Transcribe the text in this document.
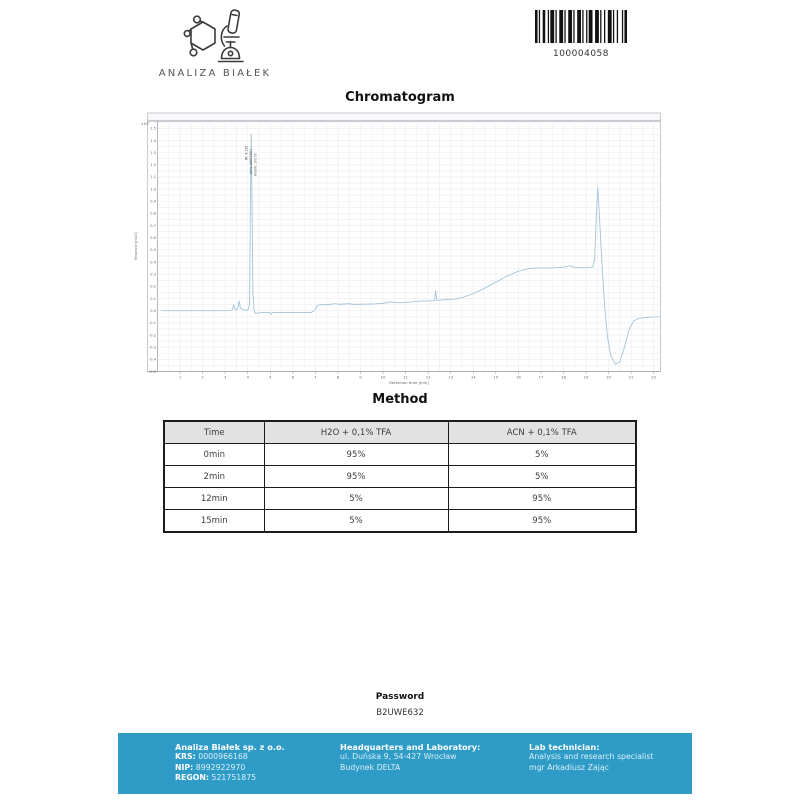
ANALIZA BIAŁEK
100004058
Chromatogram
1.5
1.4
1.3
1.2
1.1
1.0
0.9
0.8
0.7
0.6
0.5
0.4
0.3
0.2
0.1
0.0
-0.1
-0.2
-0.3
-0.4
-0.5
x10²
1	2	3	4	5	6	7	8	9	10	11	12	13	14	15	16	17	18	19	20	21	22
Retention time [min]
Response [mAU]
RT: 4.156 Area: 6682088.1 Area%: 100.00
Method
Time	H2O + 0,1% TFA	ACN + 0,1% TFA
0min	95%	5%
2min	95%	5%
12min	5%	95%
15min	5%	95%
Password
B2UWE632
Analiza Białek sp. z o.o.
KRS: 0000966168
NIP: 8992922970
REGON: 521751875
Headquarters and Laboratory:
ul. Duńska 9, 54-427 Wrocław
Budynek DELTA
Lab technician:
Analysis and research specialist
mgr Arkadiusz Zając
